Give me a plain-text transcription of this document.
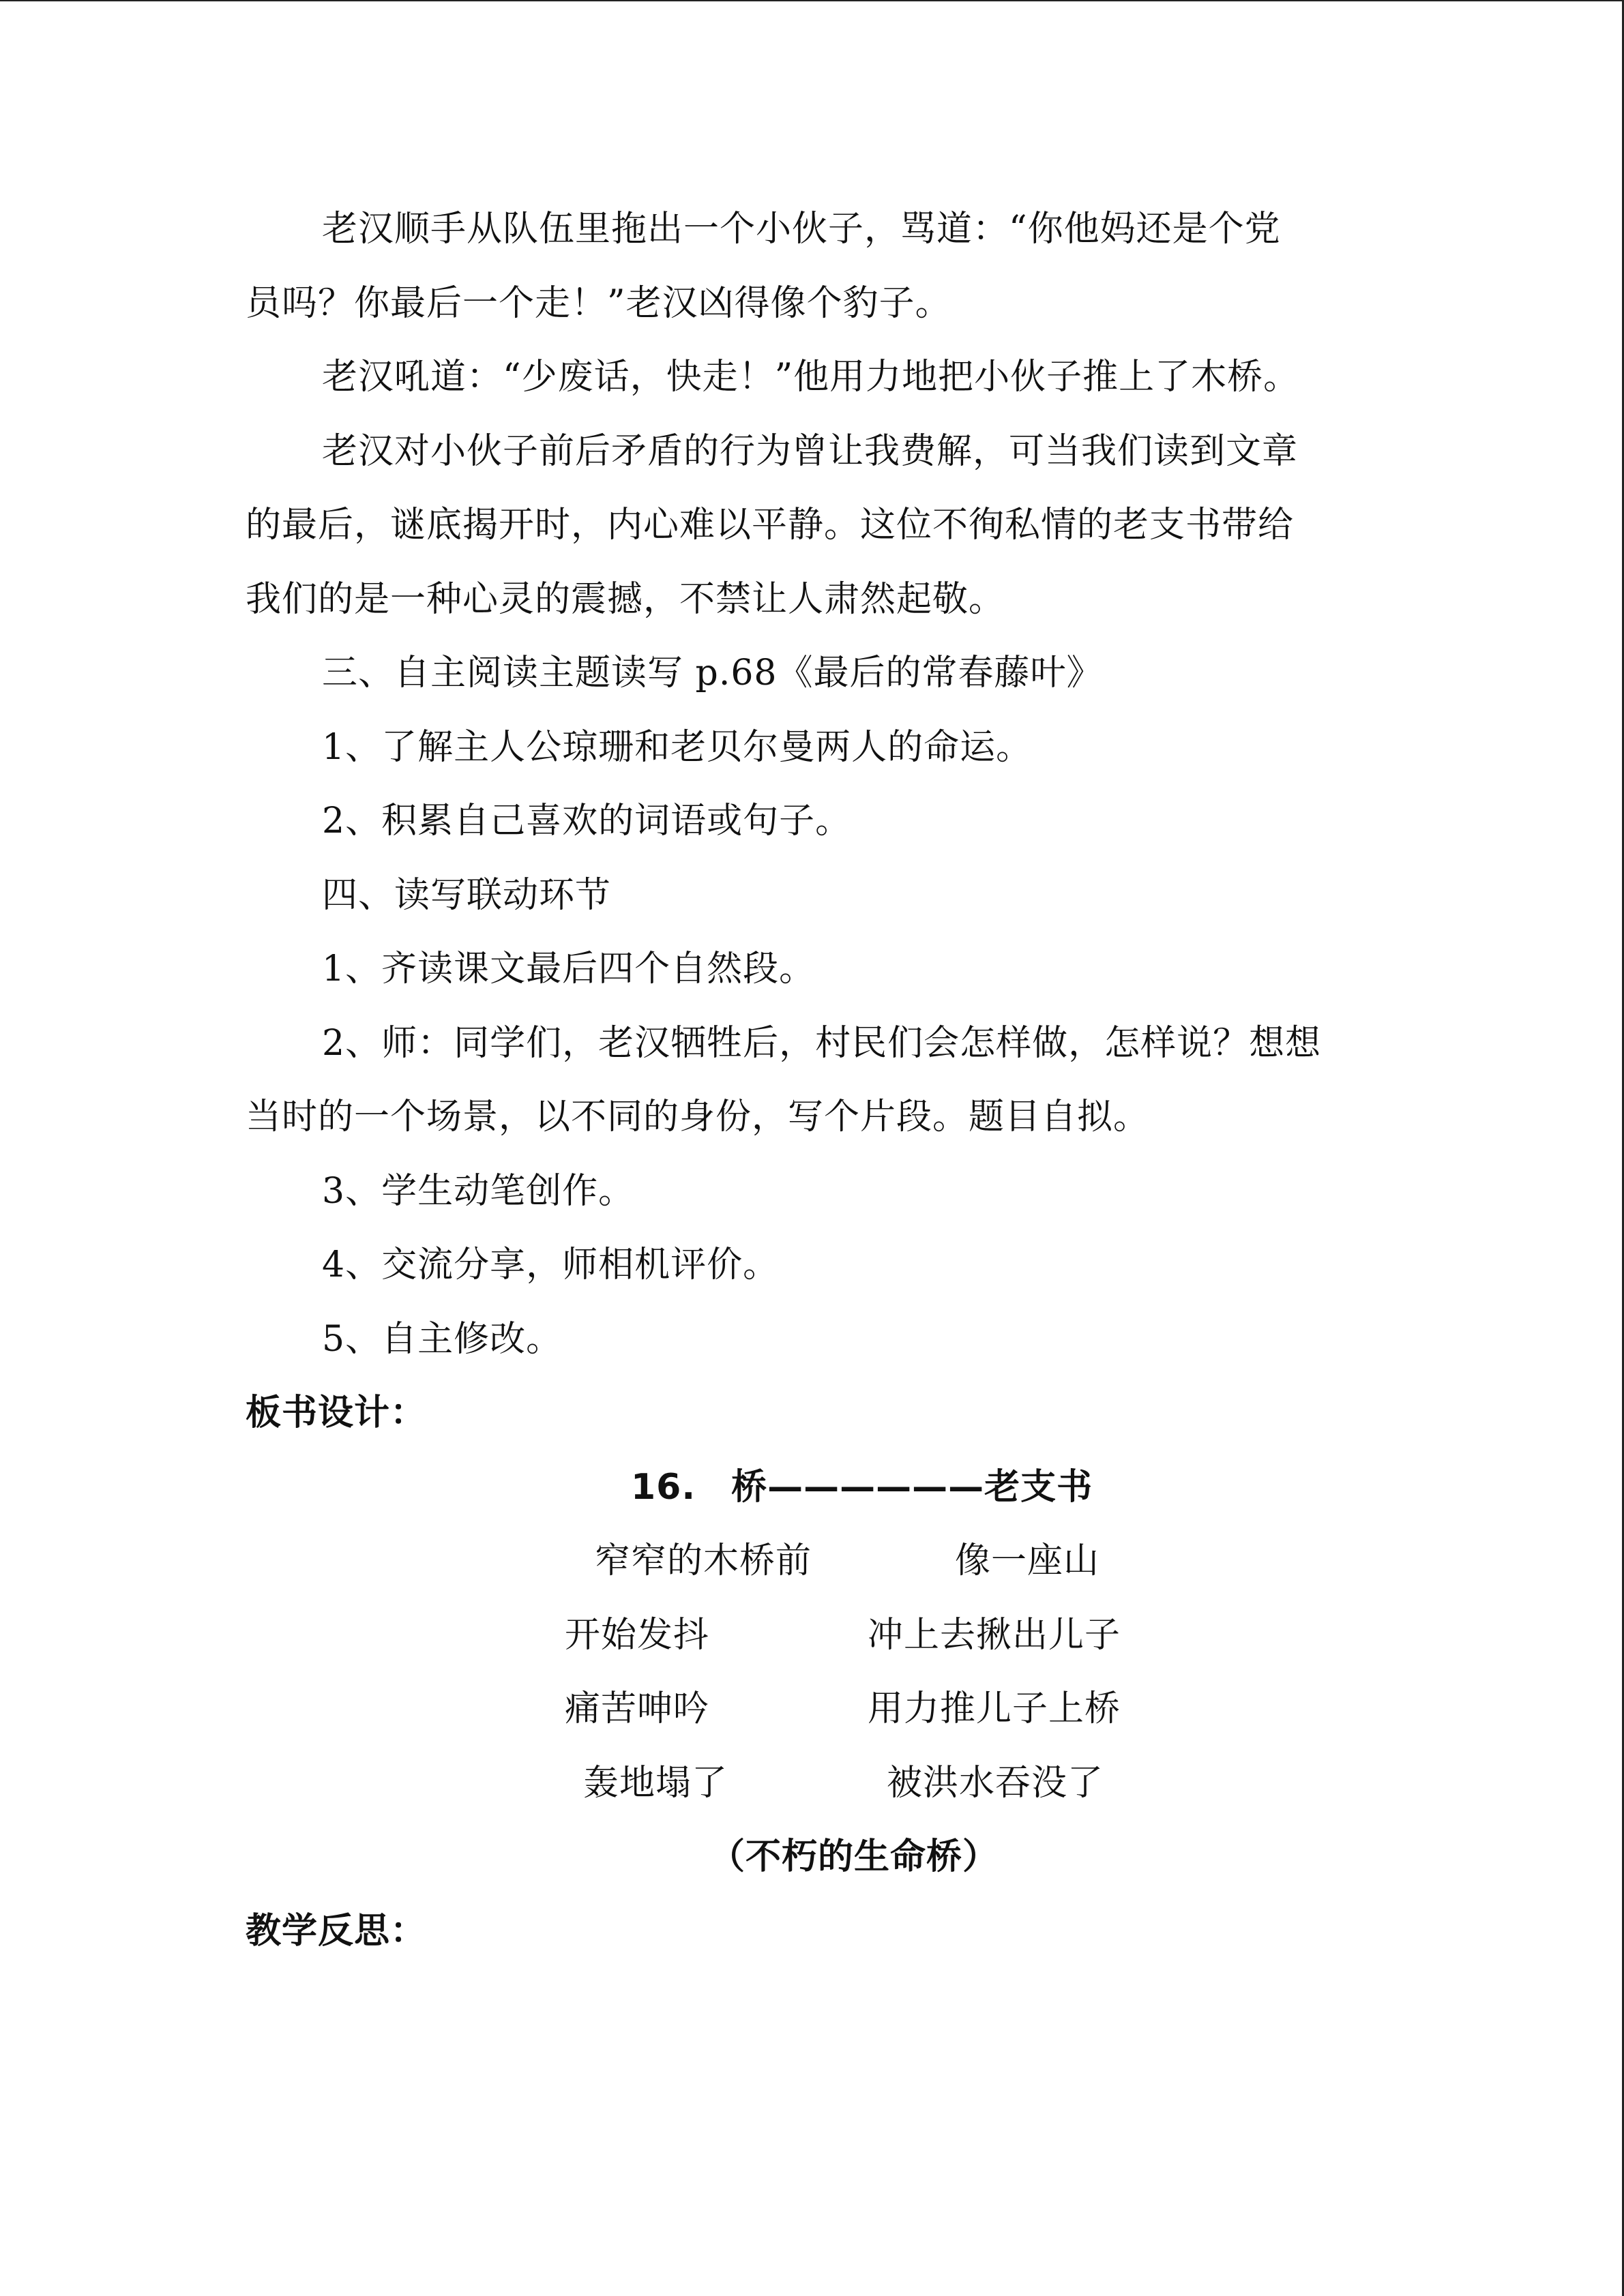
老汉顺手从队伍里拖出一个小伙子，骂道：“你他妈还是个党
员吗？你最后一个走！”老汉凶得像个豹子。
老汉吼道：“少废话，快走！”他用力地把小伙子推上了木桥。
老汉对小伙子前后矛盾的行为曾让我费解，可当我们读到文章
的最后，谜底揭开时，内心难以平静。这位不徇私情的老支书带给
我们的是一种心灵的震撼，不禁让人肃然起敬。
三、自主阅读主题读写 p.68《最后的常春藤叶》
1、了解主人公琼珊和老贝尔曼两人的命运。
2、积累自己喜欢的词语或句子。
四、读写联动环节
1、齐读课文最后四个自然段。
2、师：同学们，老汉牺牲后，村民们会怎样做，怎样说？想想
当时的一个场景，以不同的身份，写个片段。题目自拟。
3、学生动笔创作。
4、交流分享，师相机评价。
5、自主修改。
板书设计：
16. 桥——————老支书
窄窄的木桥前	像一座山
开始发抖	冲上去揪出儿子
痛苦呻吟	用力推儿子上桥
轰地塌了	被洪水吞没了
（不朽的生命桥）
教学反思：
